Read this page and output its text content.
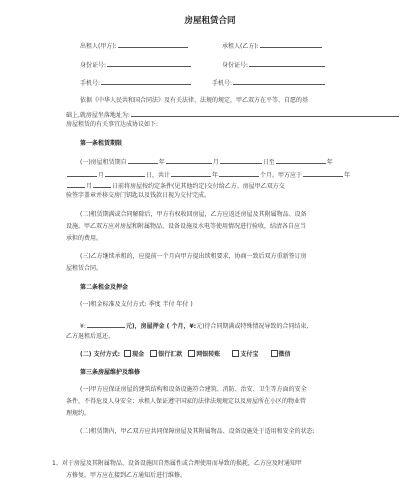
房屋租赁合同
出租人(甲方):	承租人(乙方):
身份证号:	身份证号:
手机号:	手机号:
依据《中华人民共和国合同法》及有关法律、法规的规定，甲乙双方在平等、自愿的基
础上,就房屋坐落地址为:
房屋租赁的有关事宜达成协议如下:
第一条租赁期限
(一)房屋租赁期自	年	月	日至	年
月	日，共计	年	个月。甲方应于	年
月	日前将房屋按约定条件(见其他约定)交付给乙方。房屋甲乙双方交
验签字盖章并移交房门钥匙以及钱款日视为交付完成。
(二)租赁期满或合同解除后，甲方有权收回房屋，乙方应返还房屋及其附属物品、设备
设施。甲乙双方应对房屋和附属物品、设备设施及水电等使用情况进行验收，结清各自应当
承担的费用。
(三)乙方继续承租的，应提前一个月向甲方提出续租要求，协商一致后双方重新签订房
屋租赁合同。
第二条租金及押金
(一)租金标准及支付方式: 季度 半付 年付 )
¥:	元)，房屋押金 ( 个月，¥:元)待合同期满或特殊情况导致的合同结束,
乙方退租后返还。
(二) 支付方式: 现金 银行汇款 网银转账	支付宝	微信
第三条房屋维护及维修
(一)甲方应保证房屋的建筑结构和设备设施符合建筑、消防、治安、卫生等方面的安全
条件，不得危及人身安全；承租人保证遵守国家的法律法规规定以及房屋所在小区的物业管
理规约。
(二)租赁期内，甲乙双方应共同保障房屋及其附属物品、设备设施处于适用和安全的状态:
1、对于房屋及其附属物品、设备设施因自然属性或合理使用而导致的损耗，乙方应及时通知甲
方修复。甲方应在接到乙方通知后进行维修。
